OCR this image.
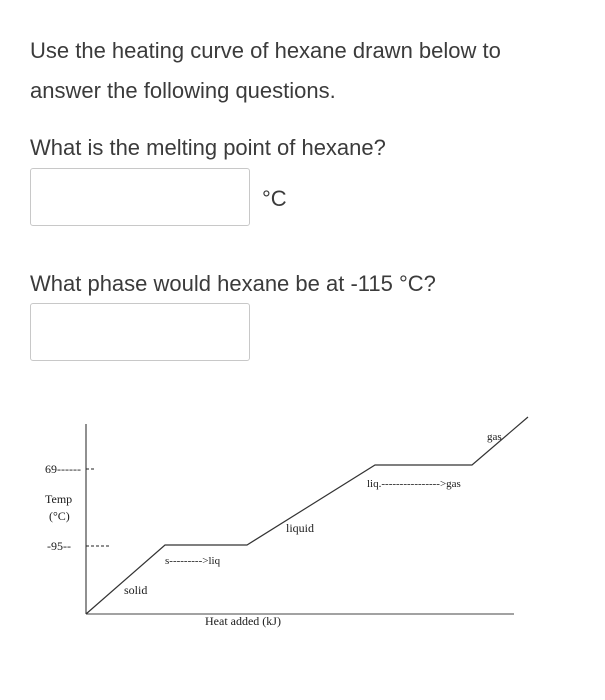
Use the heating curve of hexane drawn below to answer the following questions.

What is the melting point of hexane?

°C

What phase would hexane be at -115 °C?

69------
-95--
Temp
(°C)
solid
s--------->liq
liquid
liq.---------------->gas
gas
Heat added (kJ)
